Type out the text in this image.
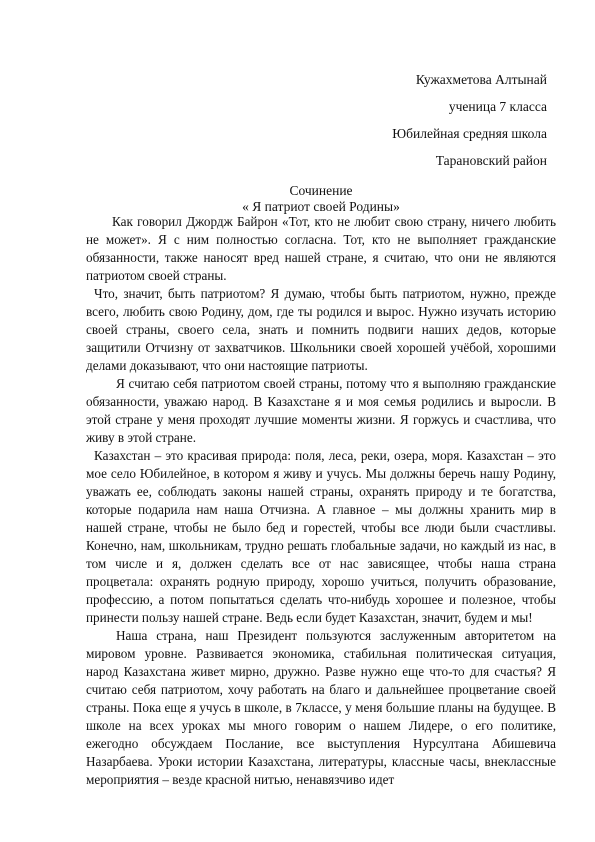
Кужахметова Алтынай
ученица 7 класса
Юбилейная средняя школа
Тарановский район
Сочинение
« Я патриот своей Родины»

Как говорил Джордж Байрон «Тот, кто не любит свою страну, ничего любить не может». Я с ним полностью согласна. Тот, кто не выполняет гражданские обязанности, также наносят вред нашей стране, я считаю, что они не являются патриотом своей страны.

Что, значит, быть патриотом? Я думаю, чтобы быть патриотом, нужно, прежде всего, любить свою Родину, дом, где ты родился и вырос. Нужно изучать историю своей страны, своего села, знать и помнить подвиги наших дедов, которые защитили Отчизну от захватчиков. Школьники своей хорошей учёбой, хорошими делами доказывают, что они настоящие патриоты.

Я считаю себя патриотом своей страны, потому что я выполняю гражданские обязанности, уважаю народ. В Казахстане я и моя семья родились и выросли. В этой стране у меня проходят лучшие моменты жизни. Я горжусь и счастлива, что живу в этой стране.

Казахстан – это красивая природа: поля, леса, реки, озера, моря. Казахстан – это мое село Юбилейное, в котором я живу и учусь. Мы должны беречь нашу Родину, уважать ее, соблюдать законы нашей страны, охранять природу и те богатства, которые подарила нам наша Отчизна. А главное – мы должны хранить мир в нашей стране, чтобы не было бед и горестей, чтобы все люди были счастливы. Конечно, нам, школьникам, трудно решать глобальные задачи, но каждый из нас, в том числе и я, должен сделать все от нас зависящее, чтобы наша страна процветала: охранять родную природу, хорошо учиться, получить образование, профессию, а потом попытаться сделать что-нибудь хорошее и полезное, чтобы принести пользу нашей стране. Ведь если будет Казахстан, значит, будем и мы!

Наша страна, наш Президент пользуются заслуженным авторитетом на мировом уровне. Развивается экономика, стабильная политическая ситуация, народ Казахстана живет мирно, дружно. Разве нужно еще что-то для счастья? Я считаю себя патриотом, хочу работать на благо и дальнейшее процветание своей страны. Пока еще я учусь в школе, в 7классе, у меня большие планы на будущее. В школе на всех уроках мы много говорим о нашем Лидере, о его политике, ежегодно обсуждаем Послание, все выступления Нурсултана Абишевича Назарбаева. Уроки истории Казахстана, литературы, классные часы, внеклассные мероприятия – везде красной нитью, ненавязчиво идет
